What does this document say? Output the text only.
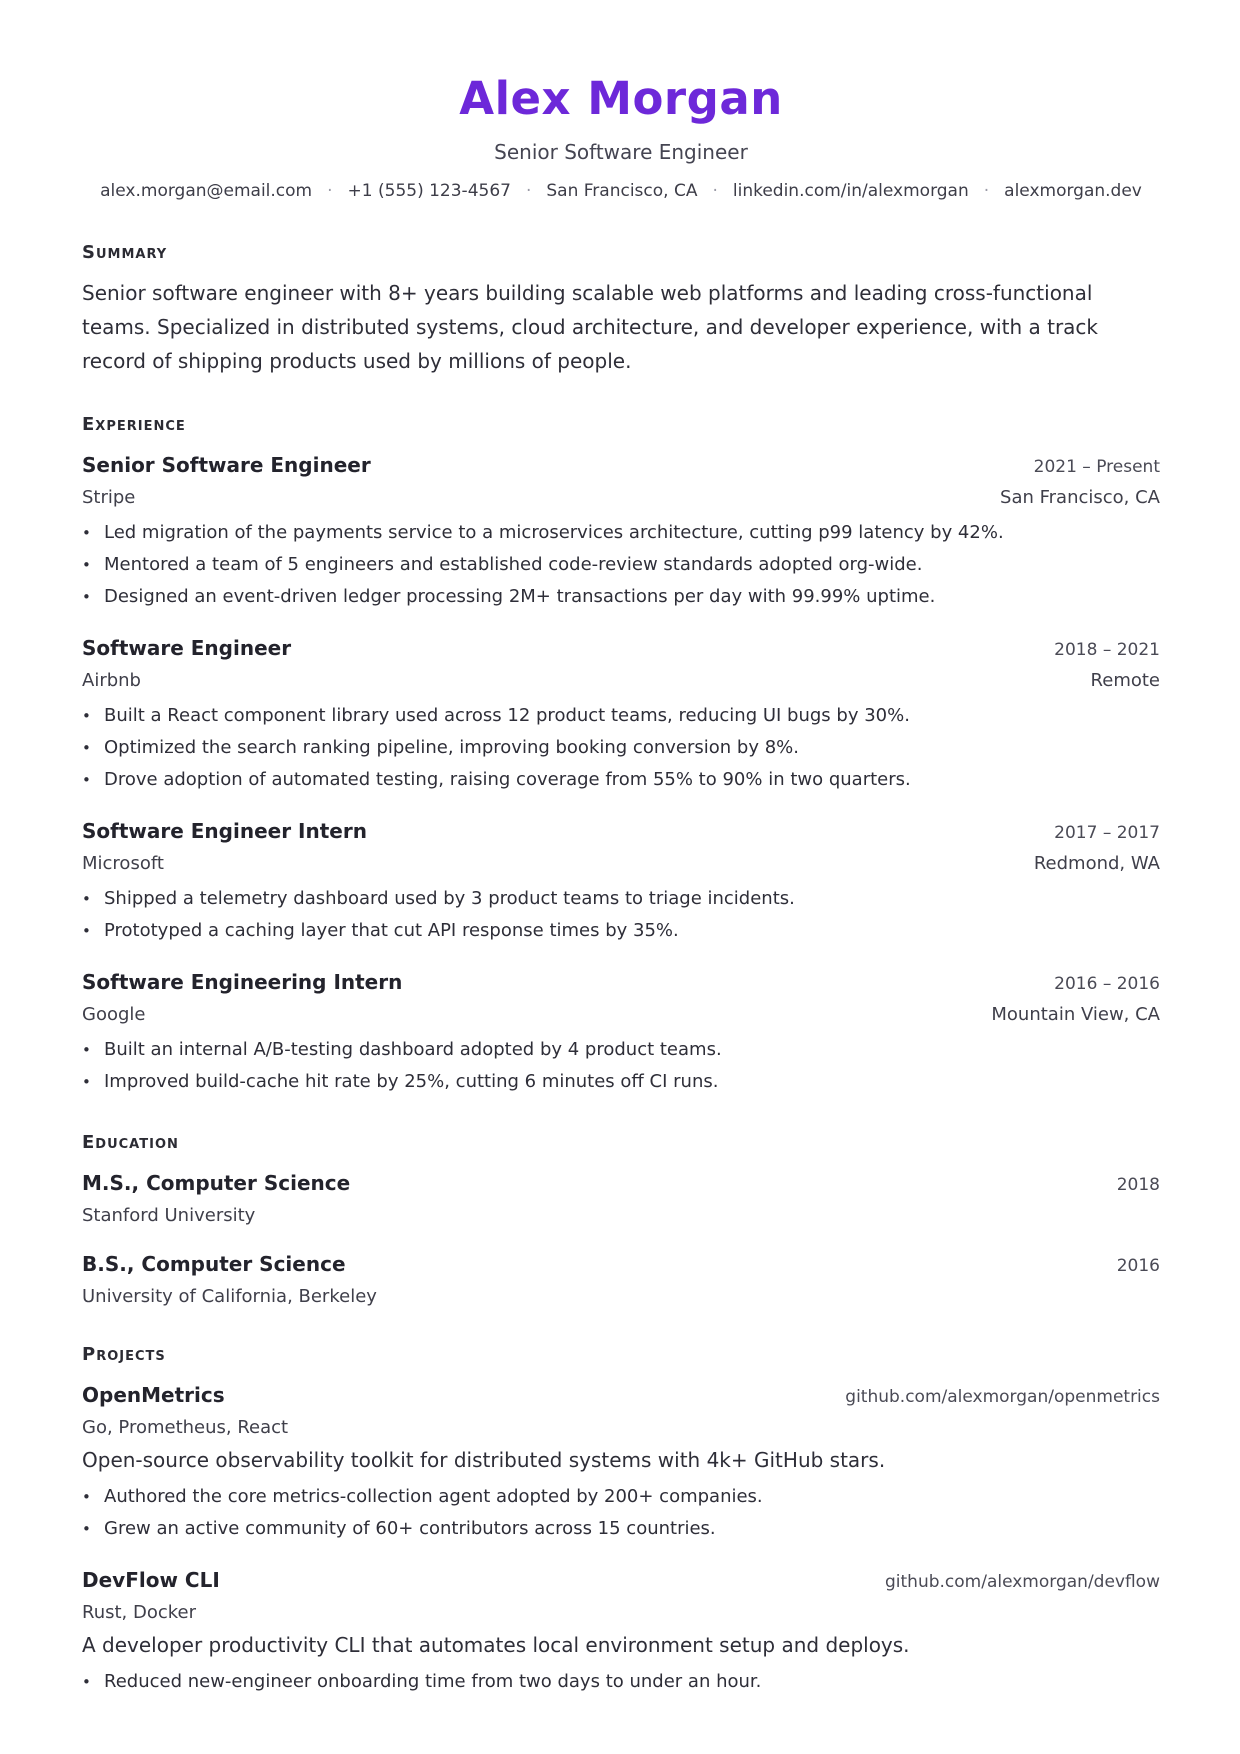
Alex Morgan
Senior Software Engineer
alex.morgan@email.com · +1 (555) 123-4567 · San Francisco, CA · linkedin.com/in/alexmorgan · alexmorgan.dev
Summary
Senior software engineer with 8+ years building scalable web platforms and leading cross-functional teams. Specialized in distributed systems, cloud architecture, and developer experience, with a track record of shipping products used by millions of people.
Experience
Senior Software Engineer	2021 – Present
Stripe	San Francisco, CA
• Led migration of the payments service to a microservices architecture, cutting p99 latency by 42%.
• Mentored a team of 5 engineers and established code-review standards adopted org-wide.
• Designed an event-driven ledger processing 2M+ transactions per day with 99.99% uptime.
Software Engineer	2018 – 2021
Airbnb	Remote
• Built a React component library used across 12 product teams, reducing UI bugs by 30%.
• Optimized the search ranking pipeline, improving booking conversion by 8%.
• Drove adoption of automated testing, raising coverage from 55% to 90% in two quarters.
Software Engineer Intern	2017 – 2017
Microsoft	Redmond, WA
• Shipped a telemetry dashboard used by 3 product teams to triage incidents.
• Prototyped a caching layer that cut API response times by 35%.
Software Engineering Intern	2016 – 2016
Google	Mountain View, CA
• Built an internal A/B-testing dashboard adopted by 4 product teams.
• Improved build-cache hit rate by 25%, cutting 6 minutes off CI runs.
Education
M.S., Computer Science	2018
Stanford University
B.S., Computer Science	2016
University of California, Berkeley
Projects
OpenMetrics	github.com/alexmorgan/openmetrics
Go, Prometheus, React
Open-source observability toolkit for distributed systems with 4k+ GitHub stars.
• Authored the core metrics-collection agent adopted by 200+ companies.
• Grew an active community of 60+ contributors across 15 countries.
DevFlow CLI	github.com/alexmorgan/devflow
Rust, Docker
A developer productivity CLI that automates local environment setup and deploys.
• Reduced new-engineer onboarding time from two days to under an hour.
